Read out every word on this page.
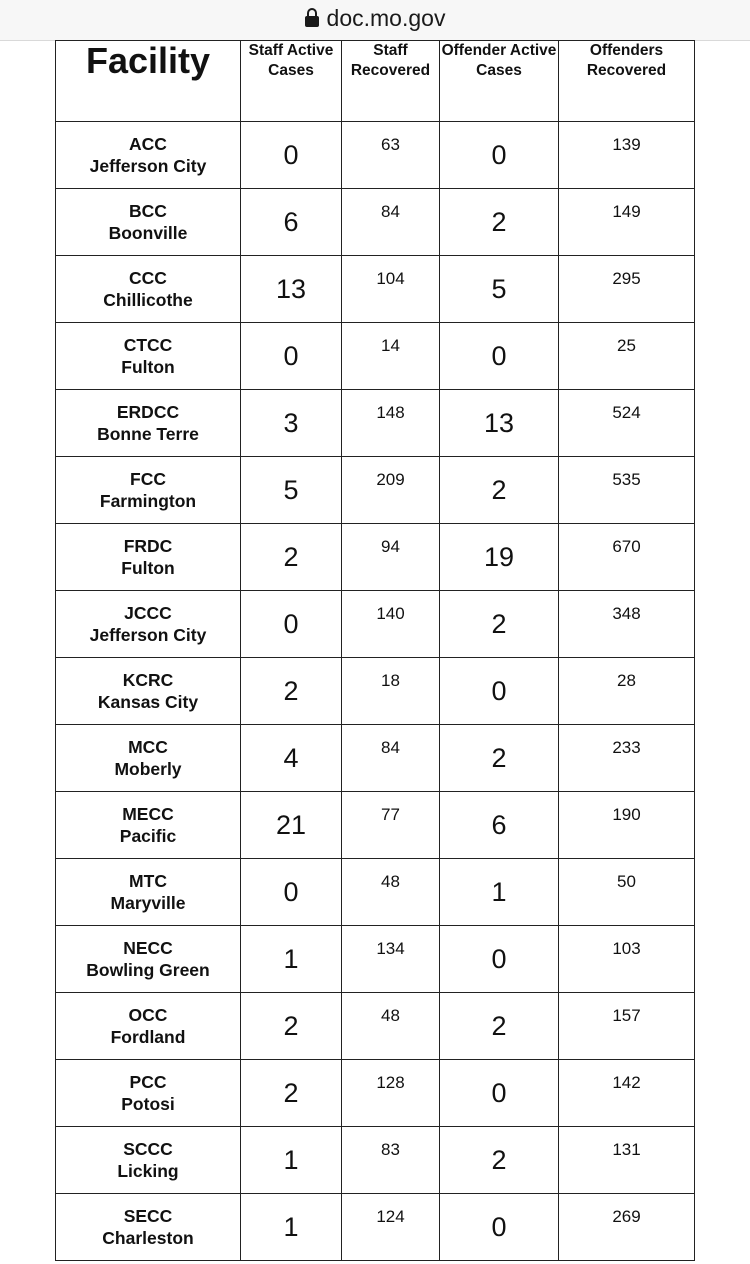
doc.mo.gov
Facility	Staff Active Cases	Staff Recovered	Offender Active Cases	Offenders Recovered

ACC
Jefferson City	0	63	0	139

BCC
Boonville	6	84	2	149

CCC
Chillicothe	13	104	5	295

CTCC
Fulton	0	14	0	25

ERDCC
Bonne Terre	3	148	13	524

FCC
Farmington	5	209	2	535

FRDC
Fulton	2	94	19	670

JCCC
Jefferson City	0	140	2	348

KCRC
Kansas City	2	18	0	28

MCC
Moberly	4	84	2	233

MECC
Pacific	21	77	6	190

MTC
Maryville	0	48	1	50

NECC
Bowling Green	1	134	0	103

OCC
Fordland	2	48	2	157

PCC
Potosi	2	128	0	142

SCCC
Licking	1	83	2	131

SECC
Charleston	1	124	0	269
